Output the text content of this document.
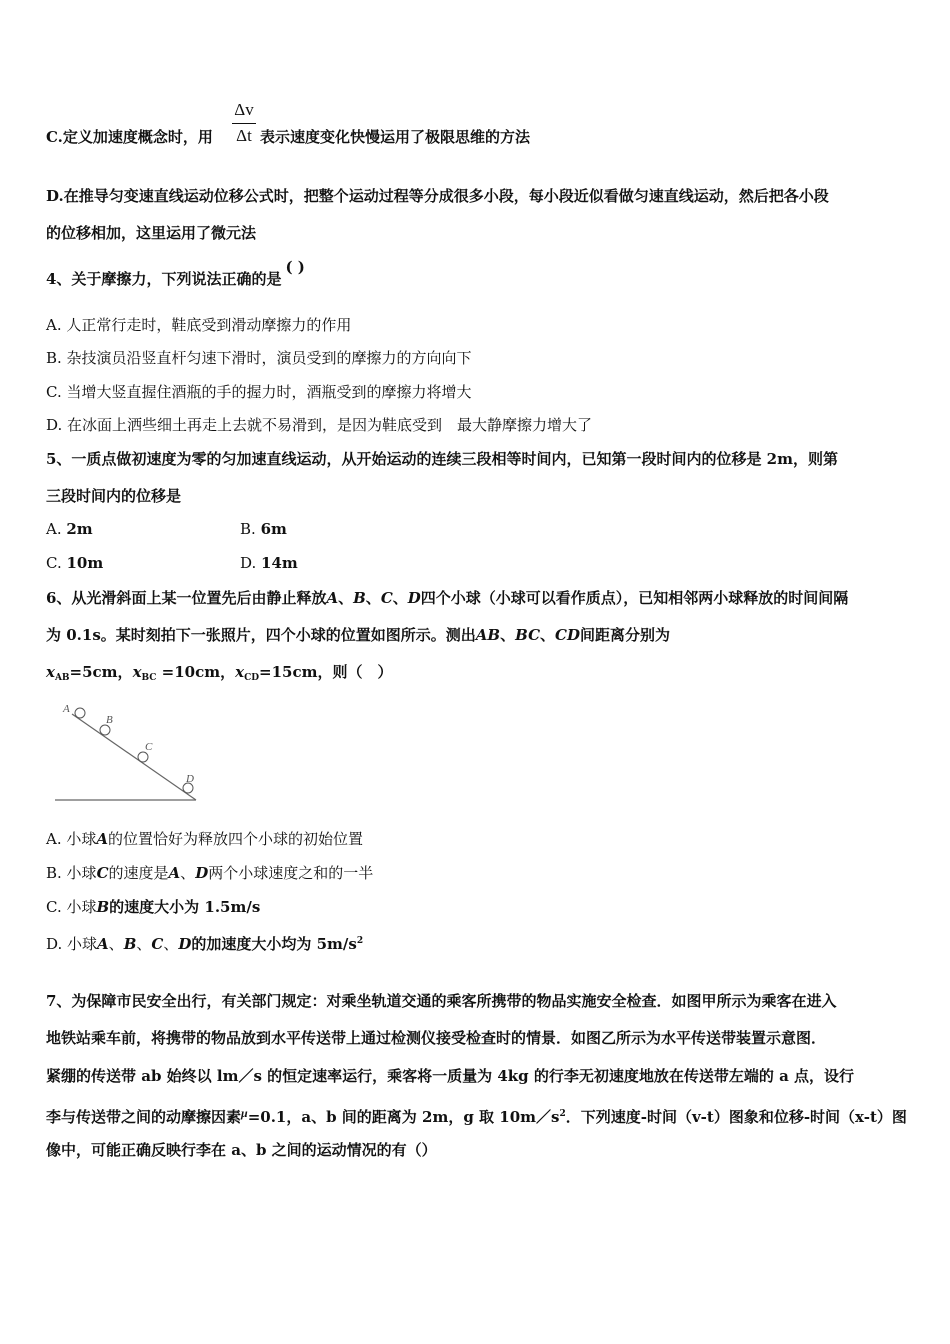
C.定义加速度概念时，用
Δv
Δt 表示速度变化快慢运用了极限思维的方法
D.在推导匀变速直线运动位移公式时，把整个运动过程等分成很多小段，每小段近似看做匀速直线运动，然后把各小段
的位移相加，这里运用了微元法
4、关于摩擦力，下列说法正确的是( )
A. 人正常行走时，鞋底受到滑动摩擦力的作用
B. 杂技演员沿竖直杆匀速下滑时，演员受到的摩擦力的方向向下
C. 当增大竖直握住酒瓶的手的握力时，酒瓶受到的摩擦力将增大
D. 在冰面上洒些细土再走上去就不易滑到，是因为鞋底受到　最大静摩擦力增大了
5、一质点做初速度为零的匀加速直线运动，从开始运动的连续三段相等时间内，已知第一段时间内的位移是 2m，则第
三段时间内的位移是
A. 2m	B. 6m
C. 10m	D. 14m
6、从光滑斜面上某一位置先后由静止释放A、B、C、D四个小球（小球可以看作质点），已知相邻两小球释放的时间间隔
为 0.1s。某时刻拍下一张照片，四个小球的位置如图所示。测出AB、BC、CD间距离分别为
$x_{AB}=5cm$，$x_{BC} =10cm$，$x_{CD}=15cm$，则（　）
A
B
C
D
A. 小球A的位置恰好为释放四个小球的初始位置
B. 小球C的速度是A、D两个小球速度之和的一半
C. 小球B的速度大小为 1.5m/s
D. 小球A、B、C、D的加速度大小均为 $5m/s^2$
7、为保障市民安全出行，有关部门规定：对乘坐轨道交通的乘客所携带的物品实施安全检查．如图甲所示为乘客在进入
地铁站乘车前，将携带的物品放到水平传送带上通过检测仪接受检查时的情景．如图乙所示为水平传送带装置示意图．
紧绷的传送带 ab 始终以 lm／s 的恒定速率运行，乘客将一质量为 4kg 的行李无初速度地放在传送带左端的 a 点，设行
李与传送带之间的动摩擦因素$^\mu$=0.1，a、b 间的距离为 2m，g 取 $10m/s^2$．下列速度-时间（v-t）图象和位移-时间（x-t）图
像中，可能正确反映行李在 a、b 之间的运动情况的有（）
